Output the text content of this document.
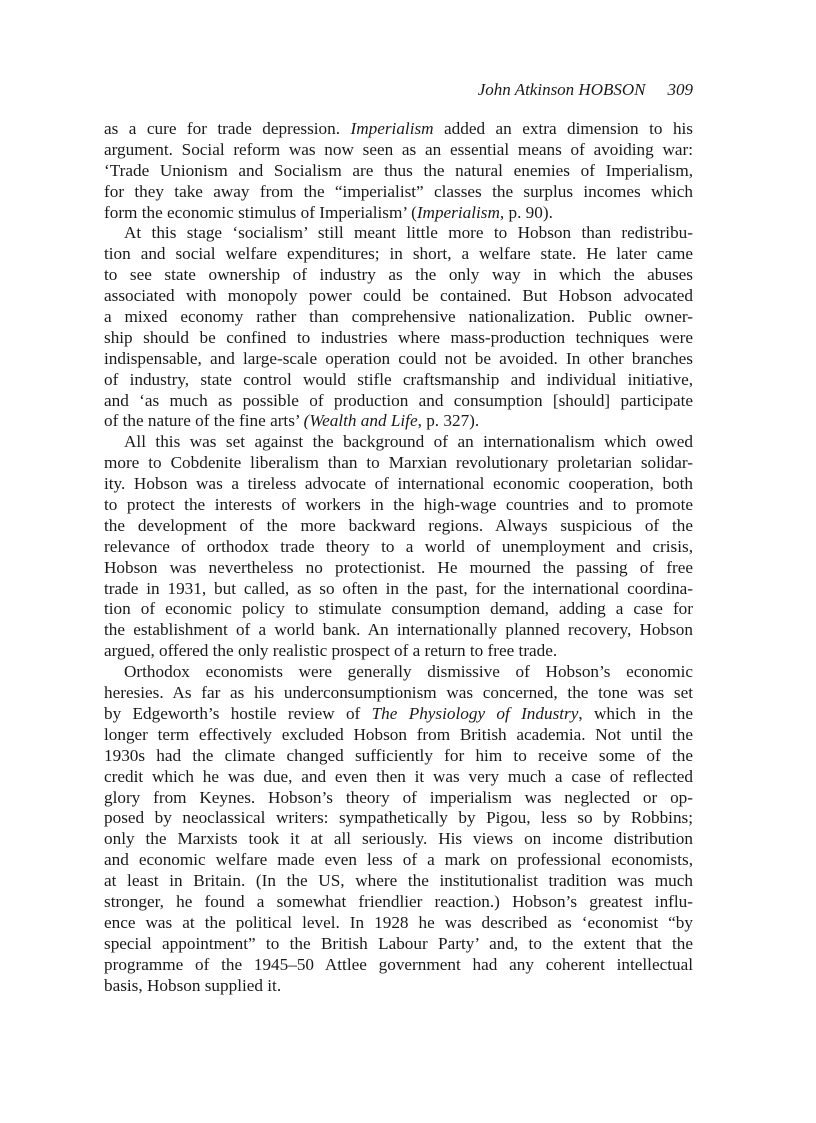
John Atkinson HOBSON 309
as a cure for trade depression. Imperialism added an extra dimension to his
argument. Social reform was now seen as an essential means of avoiding war:
‘Trade Unionism and Socialism are thus the natural enemies of Imperialism,
for they take away from the “imperialist” classes the surplus incomes which
form the economic stimulus of Imperialism’ (Imperialism, p. 90).
At this stage ‘socialism’ still meant little more to Hobson than redistribu-
tion and social welfare expenditures; in short, a welfare state. He later came
to see state ownership of industry as the only way in which the abuses
associated with monopoly power could be contained. But Hobson advocated
a mixed economy rather than comprehensive nationalization. Public owner-
ship should be confined to industries where mass-production techniques were
indispensable, and large-scale operation could not be avoided. In other branches
of industry, state control would stifle craftsmanship and individual initiative,
and ‘as much as possible of production and consumption [should] participate
of the nature of the fine arts’ (Wealth and Life, p. 327).
All this was set against the background of an internationalism which owed
more to Cobdenite liberalism than to Marxian revolutionary proletarian solidar-
ity. Hobson was a tireless advocate of international economic cooperation, both
to protect the interests of workers in the high-wage countries and to promote
the development of the more backward regions. Always suspicious of the
relevance of orthodox trade theory to a world of unemployment and crisis,
Hobson was nevertheless no protectionist. He mourned the passing of free
trade in 1931, but called, as so often in the past, for the international coordina-
tion of economic policy to stimulate consumption demand, adding a case for
the establishment of a world bank. An internationally planned recovery, Hobson
argued, offered the only realistic prospect of a return to free trade.
Orthodox economists were generally dismissive of Hobson’s economic
heresies. As far as his underconsumptionism was concerned, the tone was set
by Edgeworth’s hostile review of The Physiology of Industry, which in the
longer term effectively excluded Hobson from British academia. Not until the
1930s had the climate changed sufficiently for him to receive some of the
credit which he was due, and even then it was very much a case of reflected
glory from Keynes. Hobson’s theory of imperialism was neglected or op-
posed by neoclassical writers: sympathetically by Pigou, less so by Robbins;
only the Marxists took it at all seriously. His views on income distribution
and economic welfare made even less of a mark on professional economists,
at least in Britain. (In the US, where the institutionalist tradition was much
stronger, he found a somewhat friendlier reaction.) Hobson’s greatest influ-
ence was at the political level. In 1928 he was described as ‘economist “by
special appointment” to the British Labour Party’ and, to the extent that the
programme of the 1945–50 Attlee government had any coherent intellectual
basis, Hobson supplied it.
